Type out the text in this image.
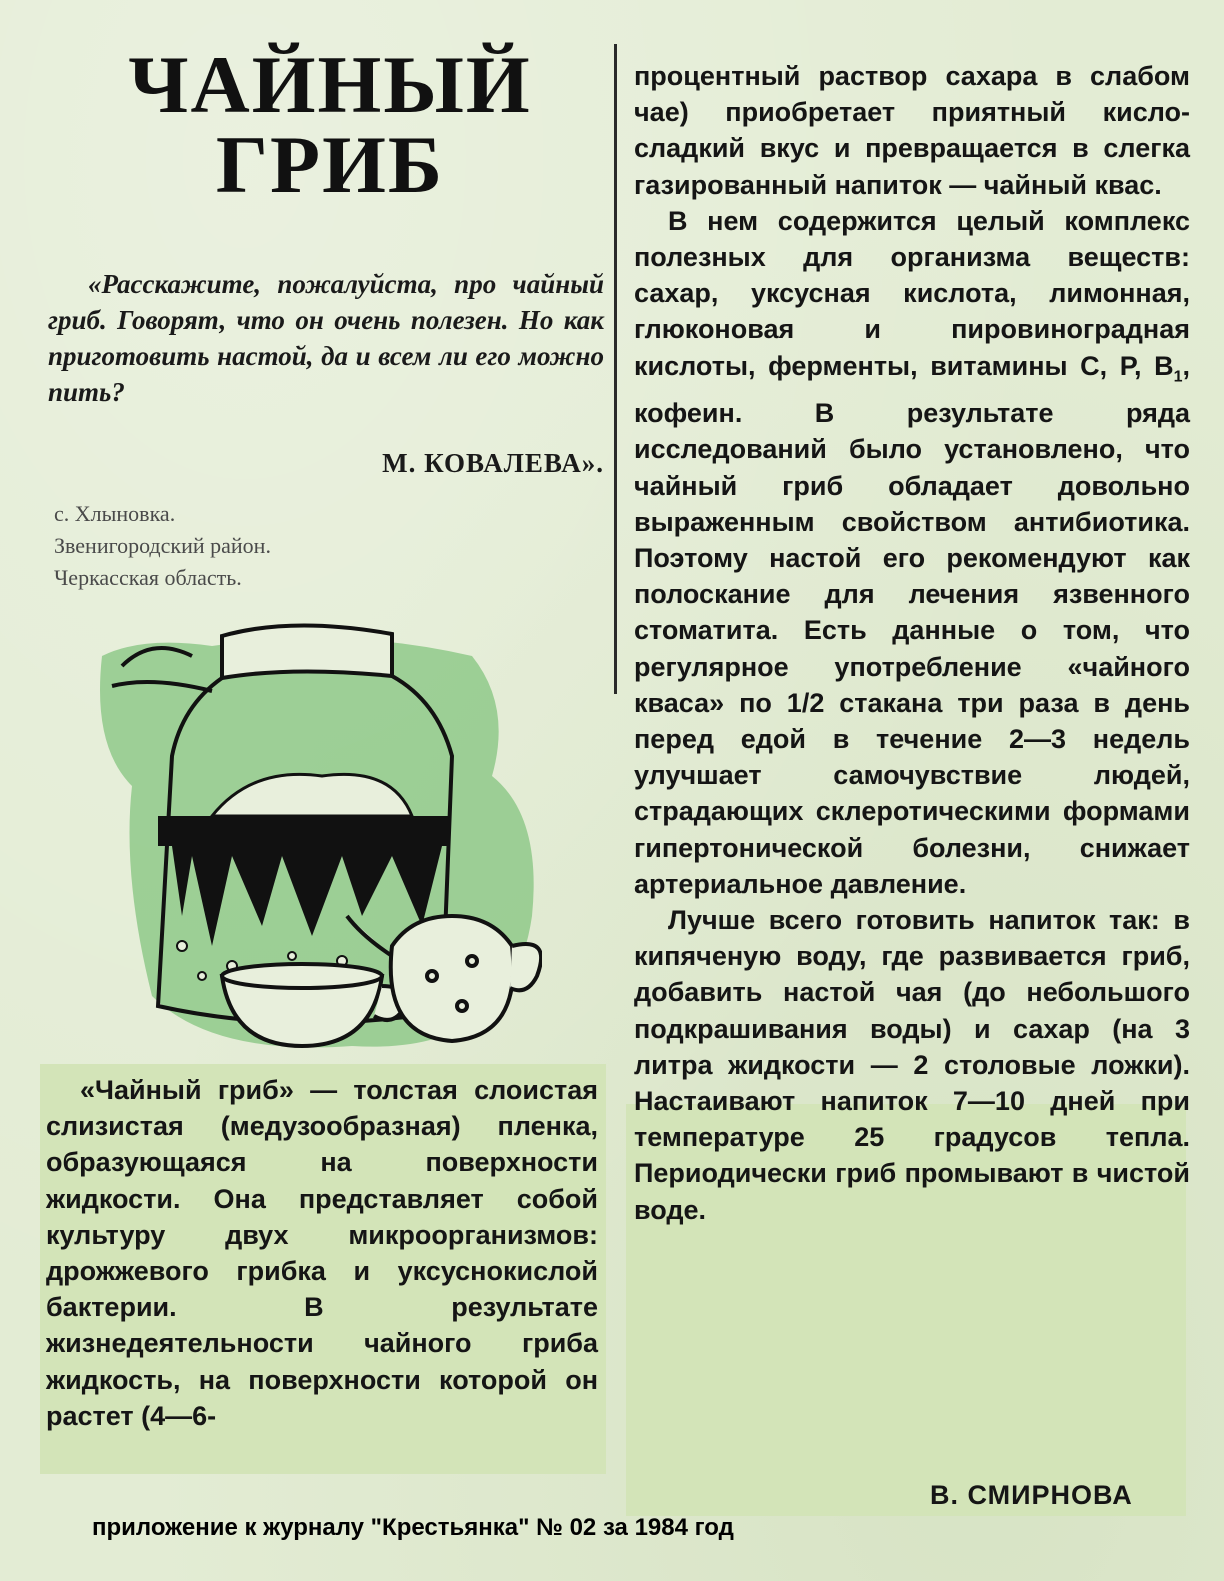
ЧАЙНЫЙ
ГРИБ
«Расскажите, пожалуйста, про чайный гриб. Говорят, что он очень полезен. Но как приготовить настой, да и всем ли его можно пить?
М. КОВАЛЕВА».
с. Хлыновка.
Звенигородский район.
Черкасская область.

«Чайный гриб» — толстая слоистая слизистая (медузообразная) пленка, образующаяся на поверхности жидкости. Она представляет собой культуру двух микроорганизмов: дрожжевого грибка и уксуснокислой бактерии. В результате жизнедеятельности чайного гриба жидкость, на поверхности которой он растет (4—6-

процентный раствор сахара в слабом чае) приобретает приятный кисло-сладкий вкус и превращается в слегка газированный напиток — чайный квас.

В нем содержится целый комплекс полезных для организма веществ: сахар, уксусная кислота, лимонная, глюконовая и пировиноградная кислоты, ферменты, витамины С, Р, $В_1$, кофеин. В результате ряда исследований было установлено, что чайный гриб обладает довольно выраженным свойством антибиотика. Поэтому настой его рекомендуют как полоскание для лечения язвенного стоматита. Есть данные о том, что регулярное употребление «чайного кваса» по 1/2 стакана три раза в день перед едой в течение 2—3 недель улучшает самочувствие людей, страдающих склеротическими формами гипертонической болезни, снижает артериальное давление.

Лучше всего готовить напиток так: в кипяченую воду, где развивается гриб, добавить настой чая (до небольшого подкрашивания воды) и сахар (на 3 литра жидкости — 2 столовые ложки). Настаивают напиток 7—10 дней при температуре 25 градусов тепла. Периодически гриб промывают в чистой воде.

В. СМИРНОВА
приложение к журналу "Крестьянка" № 02 за 1984 год
